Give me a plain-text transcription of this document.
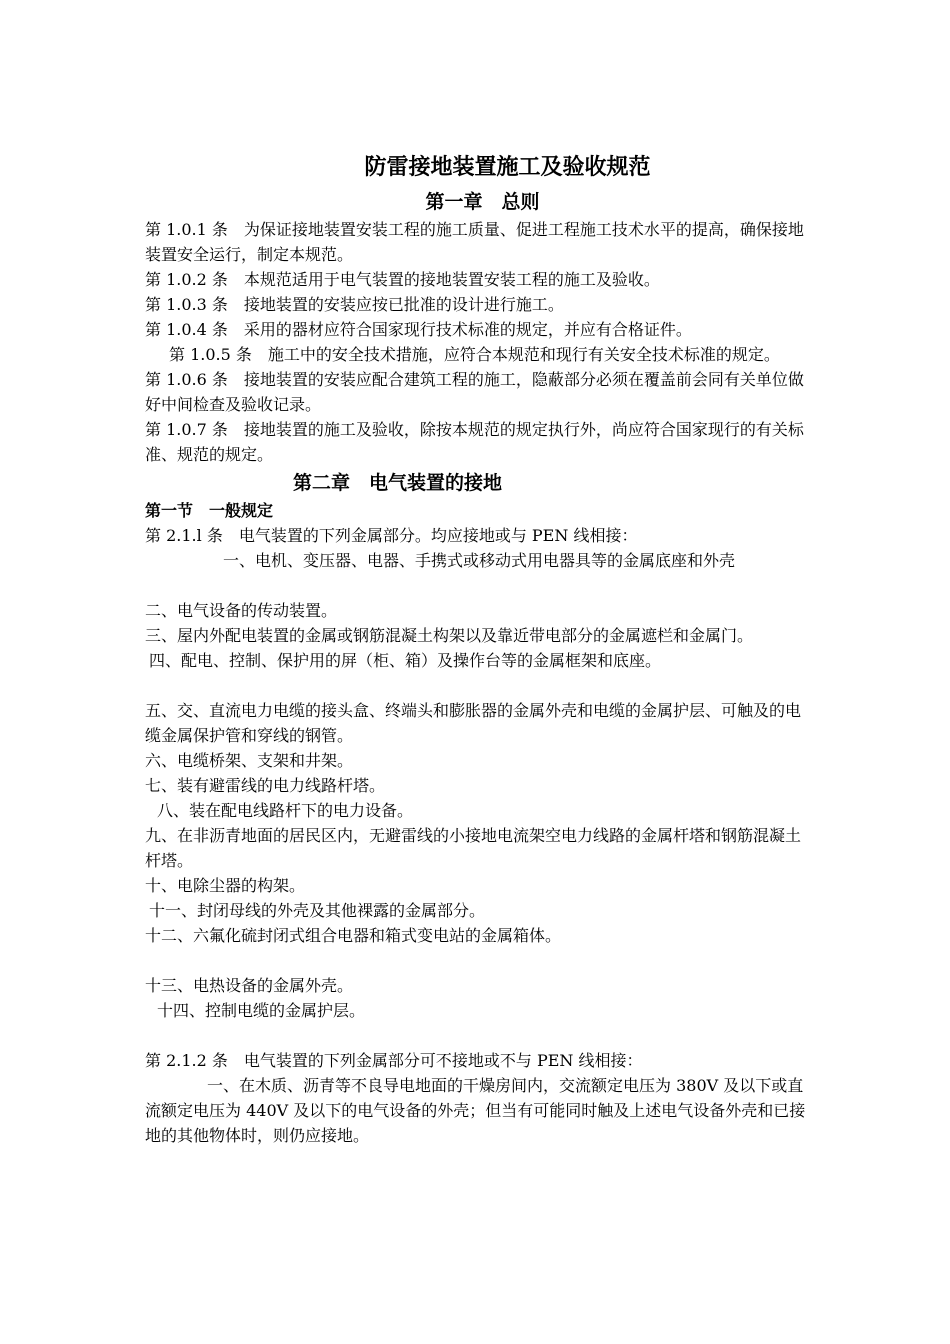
防雷接地装置施工及验收规范
第一章　总则

第 1.0.1 条　为保证接地装置安装工程的施工质量、促进工程施工技术水平的提高，确保接地装置安全运行，制定本规范。

第 1.0.2 条　本规范适用于电气装置的接地装置安装工程的施工及验收。

第 1.0.3 条　接地装置的安装应按已批准的设计进行施工。

第 1.0.4 条　采用的器材应符合国家现行技术标准的规定，并应有合格证件。

第 1.0.5 条　施工中的安全技术措施，应符合本规范和现行有关安全技术标准的规定。

第 1.0.6 条　接地装置的安装应配合建筑工程的施工，隐蔽部分必须在覆盖前会同有关单位做好中间检查及验收记录。

第 1.0.7 条　接地装置的施工及验收，除按本规范的规定执行外，尚应符合国家现行的有关标准、规范的规定。

第二章　电气装置的接地

第一节　一般规定

第 2.1.l 条　电气装置的下列金属部分。均应接地或与 PEN 线相接：

一、电机、变压器、电器、手携式或移动式用电器具等的金属底座和外壳

二、电气设备的传动装置。

三、屋内外配电装置的金属或钢筋混凝土构架以及靠近带电部分的金属遮栏和金属门。

四、配电、控制、保护用的屏（柜、箱）及操作台等的金属框架和底座。

五、交、直流电力电缆的接头盒、终端头和膨胀器的金属外壳和电缆的金属护层、可触及的电缆金属保护管和穿线的钢管。

六、电缆桥架、支架和井架。

七、装有避雷线的电力线路杆塔。

八、装在配电线路杆下的电力设备。

九、在非沥青地面的居民区内，无避雷线的小接地电流架空电力线路的金属杆塔和钢筋混凝土杆塔。

十、电除尘器的构架。

十一、封闭母线的外壳及其他裸露的金属部分。

十二、六氟化硫封闭式组合电器和箱式变电站的金属箱体。

十三、电热设备的金属外壳。

十四、控制电缆的金属护层。

第 2.1.2 条　电气装置的下列金属部分可不接地或不与 PEN 线相接：

一、在木质、沥青等不良导电地面的干燥房间内，交流额定电压为 380V 及以下或直流额定电压为 440V 及以下的电气设备的外壳；但当有可能同时触及上述电气设备外壳和已接地的其他物体时，则仍应接地。
